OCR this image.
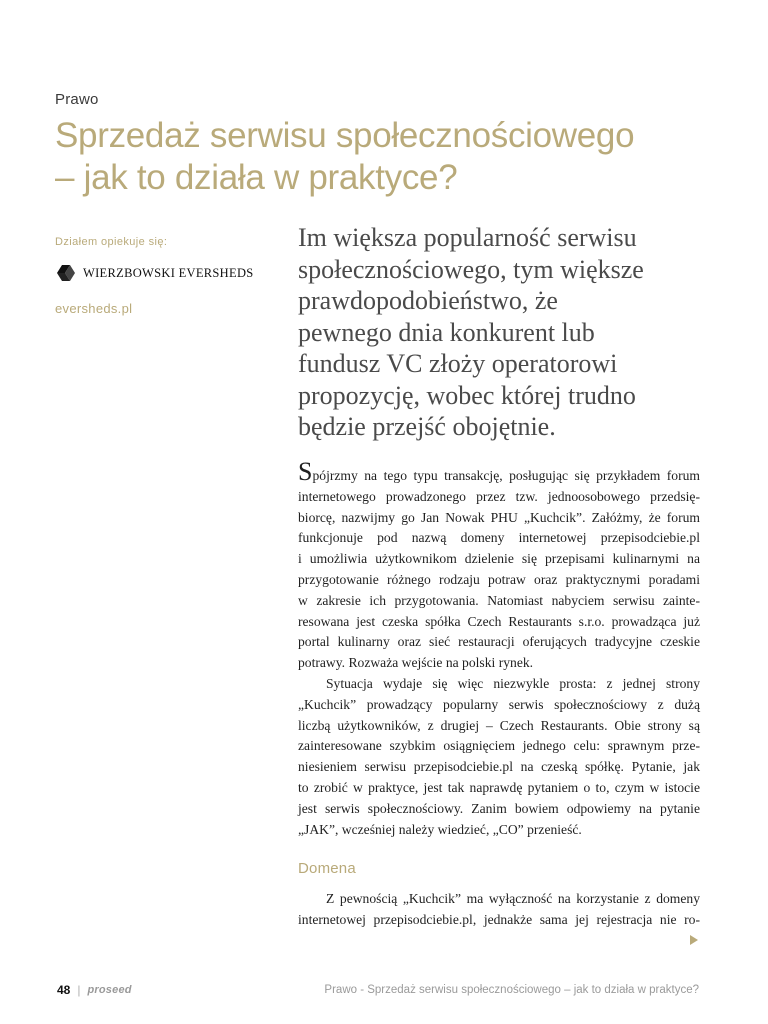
Prawo
Sprzedaż serwisu społecznościowego
– jak to działa w praktyce?
Działem opiekuje się:
WIERZBOWSKI EVERSHEDS
eversheds.pl

Im większa popularność serwisu
społecznościowego, tym większe
prawdopodobieństwo, że
pewnego dnia konkurent lub
fundusz VC złoży operatorowi
propozycję, wobec której trudno
będzie przejść obojętnie.

Spójrzmy na tego typu transakcję, posługując się przykładem forum
internetowego prowadzonego przez tzw. jednoosobowego przedsię-
biorcę, nazwijmy go Jan Nowak PHU „Kuchcik”. Załóżmy, że forum
funkcjonuje pod nazwą domeny internetowej przepisodciebie.pl
i umożliwia użytkownikom dzielenie się przepisami kulinarnymi na
przygotowanie różnego rodzaju potraw oraz praktycznymi poradami
w zakresie ich przygotowania. Natomiast nabyciem serwisu zainte-
resowana jest czeska spółka Czech Restaurants s.r.o. prowadząca już
portal kulinarny oraz sieć restauracji oferujących tradycyjne czeskie
potrawy. Rozważa wejście na polski rynek.

Sytuacja wydaje się więc niezwykle prosta: z jednej strony
„Kuchcik” prowadzący popularny serwis społecznościowy z dużą
liczbą użytkowników, z drugiej – Czech Restaurants. Obie strony są
zainteresowane szybkim osiągnięciem jednego celu: sprawnym prze-
niesieniem serwisu przepisodciebie.pl na czeską spółkę. Pytanie, jak
to zrobić w praktyce, jest tak naprawdę pytaniem o to, czym w istocie
jest serwis społecznościowy. Zanim bowiem odpowiemy na pytanie
„JAK”, wcześniej należy wiedzieć, „CO” przenieść.

Domena

Z pewnością „Kuchcik” ma wyłączność na korzystanie z domeny
internetowej przepisodciebie.pl, jednakże sama jej rejestracja nie ro-

48 | proseed	Prawo - Sprzedaż serwisu społecznościowego – jak to działa w praktyce?
